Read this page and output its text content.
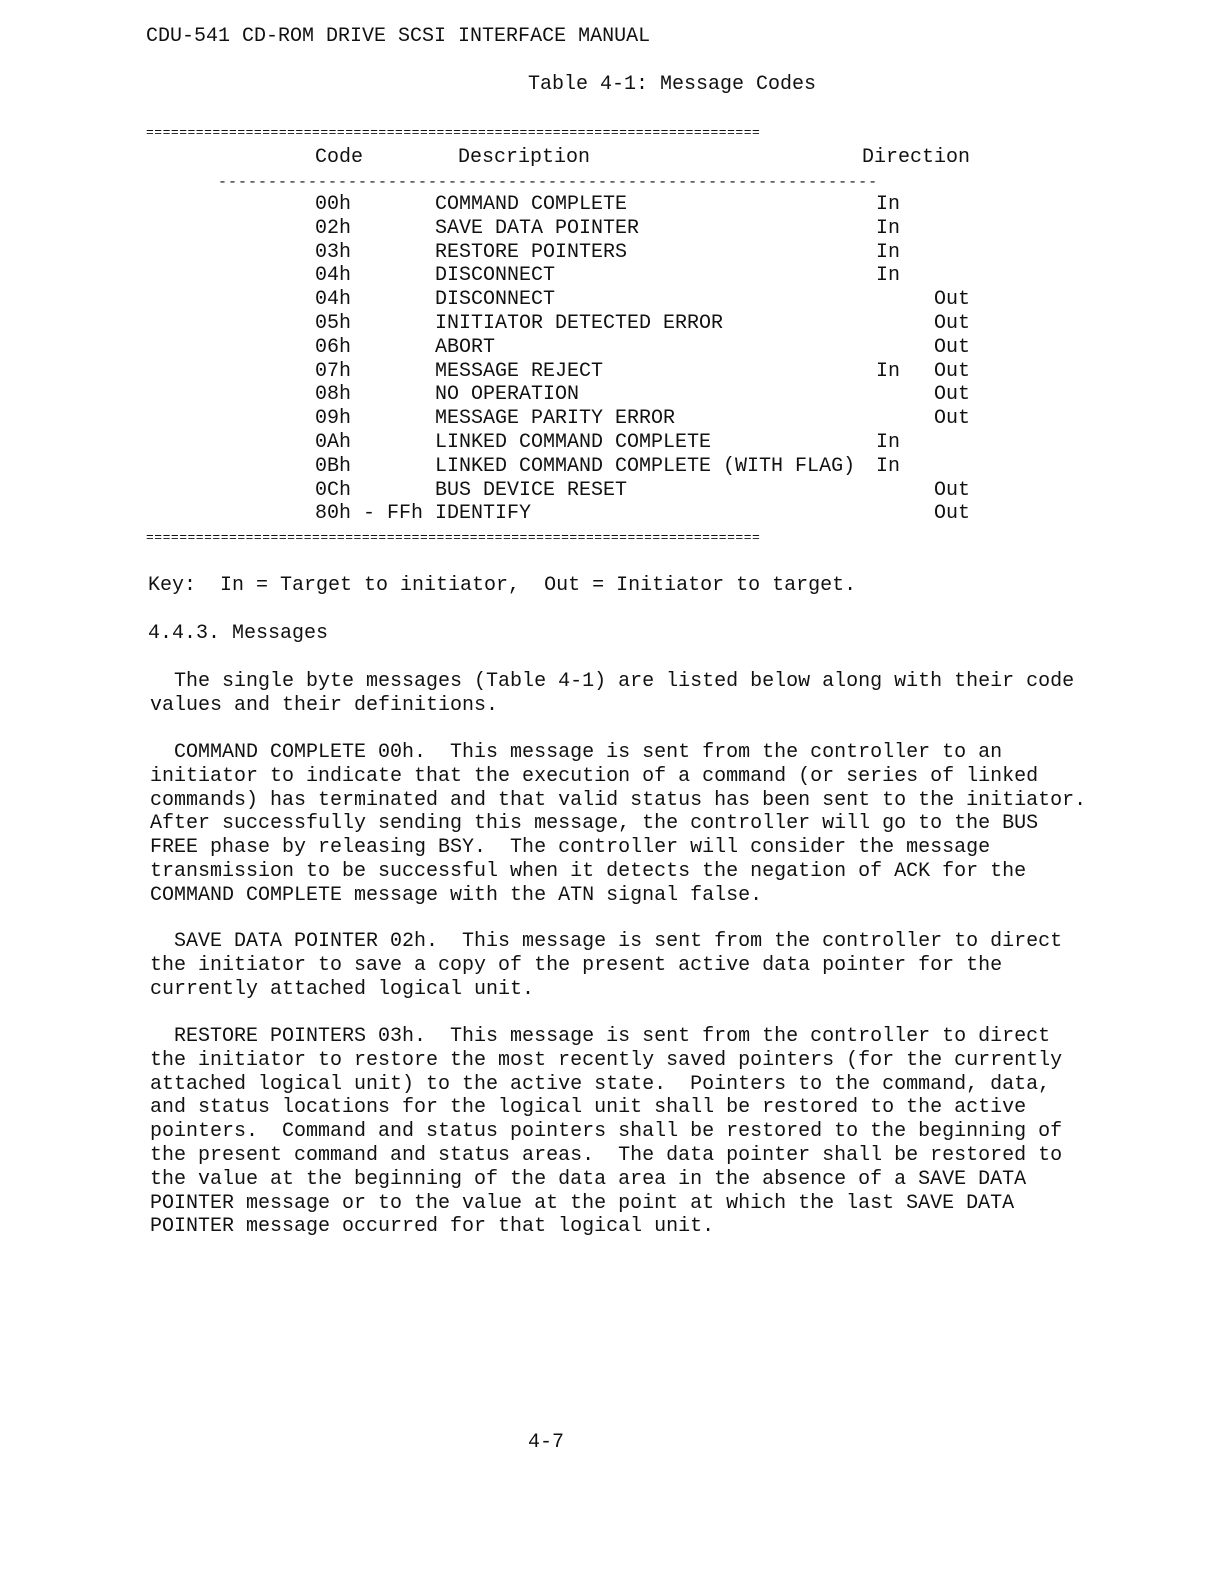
CDU-541 CD-ROM DRIVE SCSI INTERFACE MANUAL
Table 4-1: Message Codes
==========================================================================
Code	Description	Direction
------------------------------------------------------------------
00h	COMMAND COMPLETE	In
02h	SAVE DATA POINTER	In
03h	RESTORE POINTERS	In
04h	DISCONNECT	In
04h	DISCONNECT	Out
05h	INITIATOR DETECTED ERROR	Out
06h	ABORT	Out
07h	MESSAGE REJECT	In Out
08h	NO OPERATION	Out
09h	MESSAGE PARITY ERROR	Out
0Ah	LINKED COMMAND COMPLETE	In
0Bh	LINKED COMMAND COMPLETE (WITH FLAG) In
0Ch	BUS DEVICE RESET	Out
80h - FFh IDENTIFY	Out
==========================================================================
Key:  In = Target to initiator,  Out = Initiator to target.
4.4.3. Messages
The single byte messages (Table 4-1) are listed below along with their code
values and their definitions.
COMMAND COMPLETE 00h.  This message is sent from the controller to an
initiator to indicate that the execution of a command (or series of linked
commands) has terminated and that valid status has been sent to the initiator.
After successfully sending this message, the controller will go to the BUS
FREE phase by releasing BSY.  The controller will consider the message
transmission to be successful when it detects the negation of ACK for the
COMMAND COMPLETE message with the ATN signal false.
SAVE DATA POINTER 02h.  This message is sent from the controller to direct
the initiator to save a copy of the present active data pointer for the
currently attached logical unit.
RESTORE POINTERS 03h.  This message is sent from the controller to direct
the initiator to restore the most recently saved pointers (for the currently
attached logical unit) to the active state.  Pointers to the command, data,
and status locations for the logical unit shall be restored to the active
pointers.  Command and status pointers shall be restored to the beginning of
the present command and status areas.  The data pointer shall be restored to
the value at the beginning of the data area in the absence of a SAVE DATA
POINTER message or to the value at the point at which the last SAVE DATA
POINTER message occurred for that logical unit.
4-7
